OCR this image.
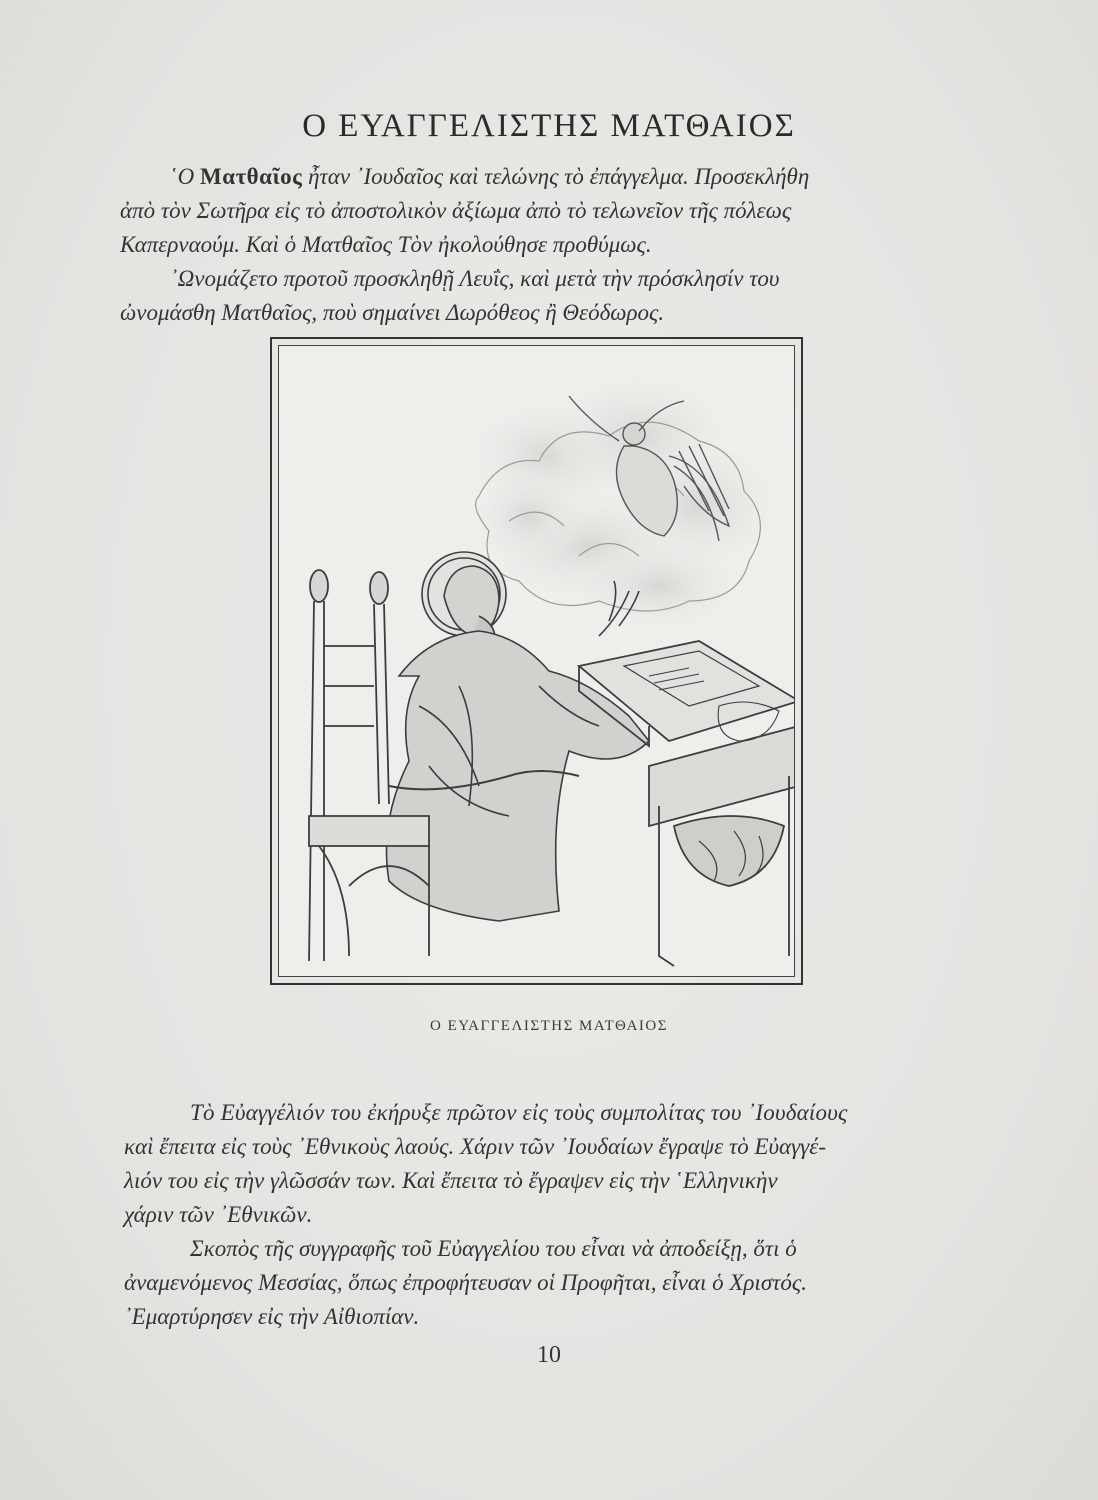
Ο ΕΥΑΓΓΕΛΙΣΤΗΣ ΜΑΤΘΑΙΟΣ
῾Ο Ματθαῖος ἦταν ᾿Ιουδαῖος καὶ τελώνης τὸ ἐπάγγελμα. Προσεκλήθη
ἀπὸ τὸν Σωτῆρα εἰς τὸ ἀποστολικὸν ἀξίωμα ἀπὸ τὸ τελωνεῖον τῆς πόλεως
Καπερναούμ. Καὶ ὁ Ματθαῖος Τὸν ἠκολούθησε προθύμως.
᾿Ωνομάζετο προτοῦ προσκληθῇ Λευΐς, καὶ μετὰ τὴν πρόσκλησίν του
ὠνομάσθη Ματθαῖος, ποὺ σημαίνει Δωρόθεος ἢ Θεόδωρος.
Ο ΕΥΑΓΓΕΛΙΣΤΗΣ ΜΑΤΘΑΙΟΣ
Τὸ Εὐαγγέλιόν του ἐκήρυξε πρῶτον εἰς τοὺς συμπολίτας του ᾿Ιουδαίους
καὶ ἔπειτα εἰς τοὺς ᾿Εθνικοὺς λαούς. Χάριν τῶν ᾿Ιουδαίων ἔγραψε τὸ Εὐαγγέ-
λιόν του εἰς τὴν γλῶσσάν των. Καὶ ἔπειτα τὸ ἔγραψεν εἰς τὴν ῾Ελληνικὴν
χάριν τῶν ᾿Εθνικῶν.
Σκοπὸς τῆς συγγραφῆς τοῦ Εὐαγγελίου του εἶναι νὰ ἀποδείξῃ, ὅτι ὁ
ἀναμενόμενος Μεσσίας, ὅπως ἐπροφήτευσαν οἱ Προφῆται, εἶναι ὁ Χριστός.
᾿Εμαρτύρησεν εἰς τὴν Αἰθιοπίαν.
10
